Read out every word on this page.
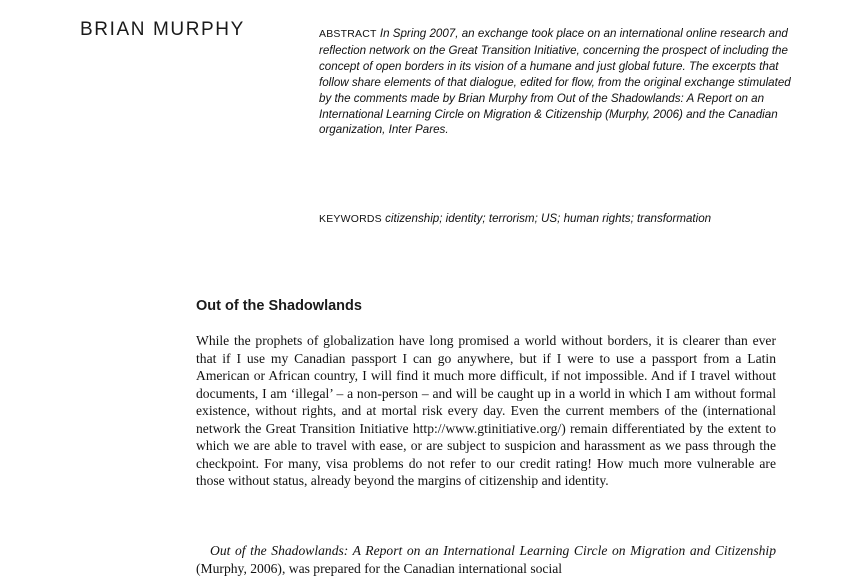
BRIAN MURPHY	ABSTRACT In Spring 2007, an exchange took place on an international online research and reflection network on the Great Transition Initiative, concerning the prospect of including the concept of open borders in its vision of a humane and just global future. The excerpts that follow share elements of that dialogue, edited for flow, from the original exchange stimulated by the comments made by Brian Murphy from Out of the Shadowlands: A Report on an International Learning Circle on Migration & Citizenship (Murphy, 2006) and the Canadian organization, Inter Pares.

KEYWORDS citizenship; identity; terrorism; US; human rights; transformation

Out of the Shadowlands

While the prophets of globalization have long promised a world without borders, it is clearer than ever that if I use my Canadian passport I can go anywhere, but if I were to use a passport from a Latin American or African country, I will find it much more difficult, if not impossible. And if I travel without documents, I am ‘illegal’ – a non-person – and will be caught up in a world in which I am without formal existence, without rights, and at mortal risk every day. Even the current members of the (international network the Great Transition Initiative http://www.gtinitiative.org/) remain differentiated by the extent to which we are able to travel with ease, or are subject to suspicion and harassment as we pass through the checkpoint. For many, visa problems do not refer to our credit rating! How much more vulnerable are those without status, already beyond the margins of citizenship and identity.

Out of the Shadowlands: A Report on an International Learning Circle on Migration and Citizenship (Murphy, 2006), was prepared for the Canadian international social
